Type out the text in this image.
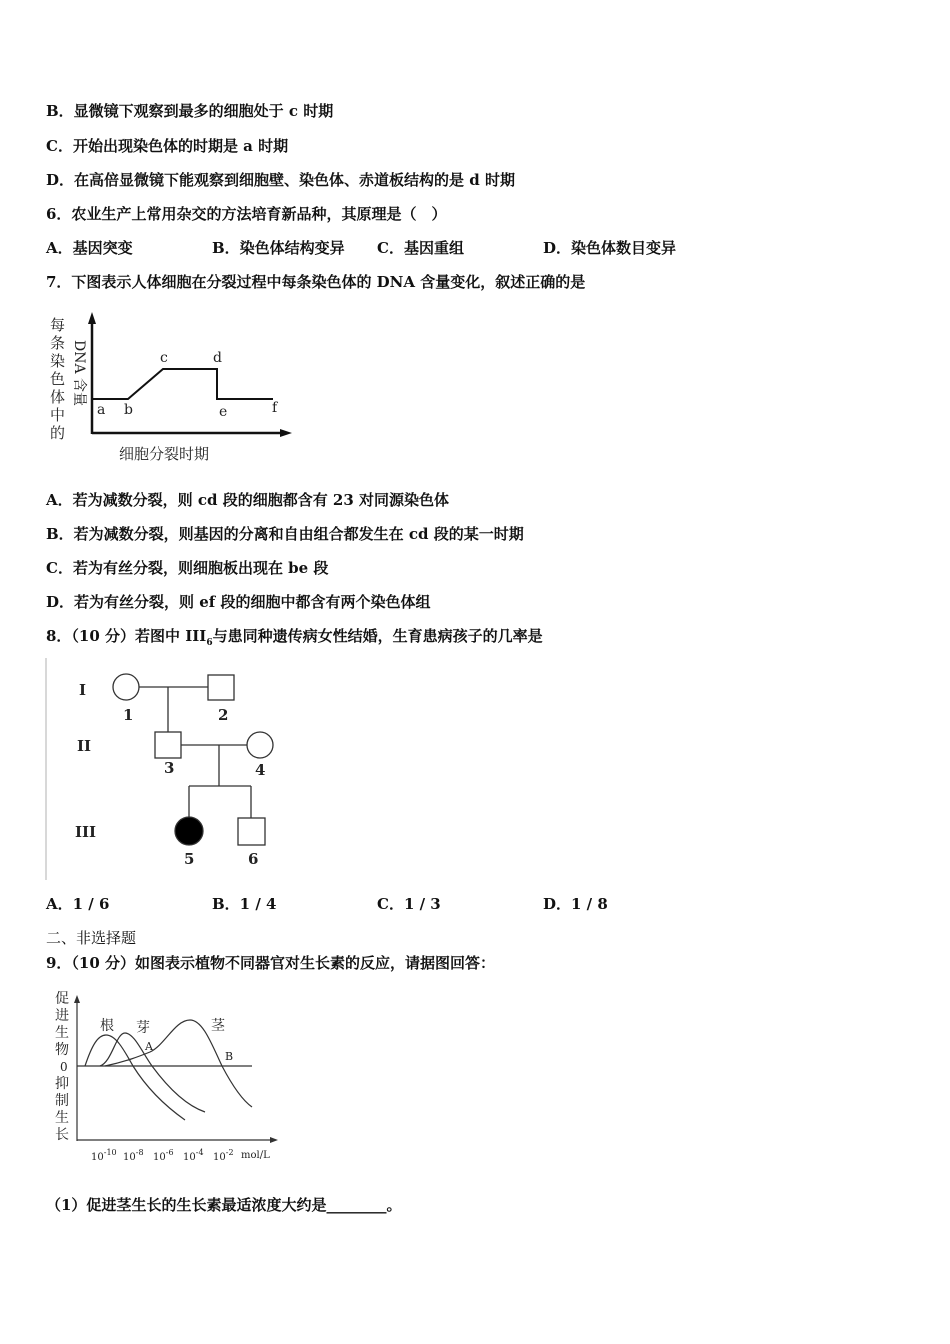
B．显微镜下观察到最多的细胞处于 c 时期
C．开始出现染色体的时期是 a 时期
D．在高倍显微镜下能观察到细胞壁、染色体、赤道板结构的是 d 时期
6．农业生产上常用杂交的方法培育新品种，其原理是（　）
A．基因突变	B．染色体结构变异 C．基因重组	D．染色体数目变异
7．下图表示人体细胞在分裂过程中每条染色体的 DNA 含量变化，叙述正确的是
每
条
染
色
体
中
的
DNA 含量
a b
c	d
e	f
细胞分裂时期
A．若为减数分裂，则 cd 段的细胞都含有 23 对同源染色体
B．若为减数分裂，则基因的分离和自由组合都发生在 cd 段的某一时期
C．若为有丝分裂，则细胞板出现在 be 段
D．若为有丝分裂，则 ef 段的细胞中都含有两个染色体组
8．（10 分）若图中 $III_6$与患同种遗传病女性结婚，生育患病孩子的几率是
I
II
III
1	2
3	4
5	6
A．1 / 6	B．1 / 4	C．1 / 3	D．1 / 8
二、非选择题
9．（10 分）如图表示植物不同器官对生长素的反应，请据图回答：
促
进
生
物
0
抑
制
生
长
根 芽	茎
A
B
$10^{-10}$ $10^{-8}$ $10^{-6}$ $10^{-4}$ $10^{-2}$ mol/L
（1）促进茎生长的生长素最适浓度大约是________。
